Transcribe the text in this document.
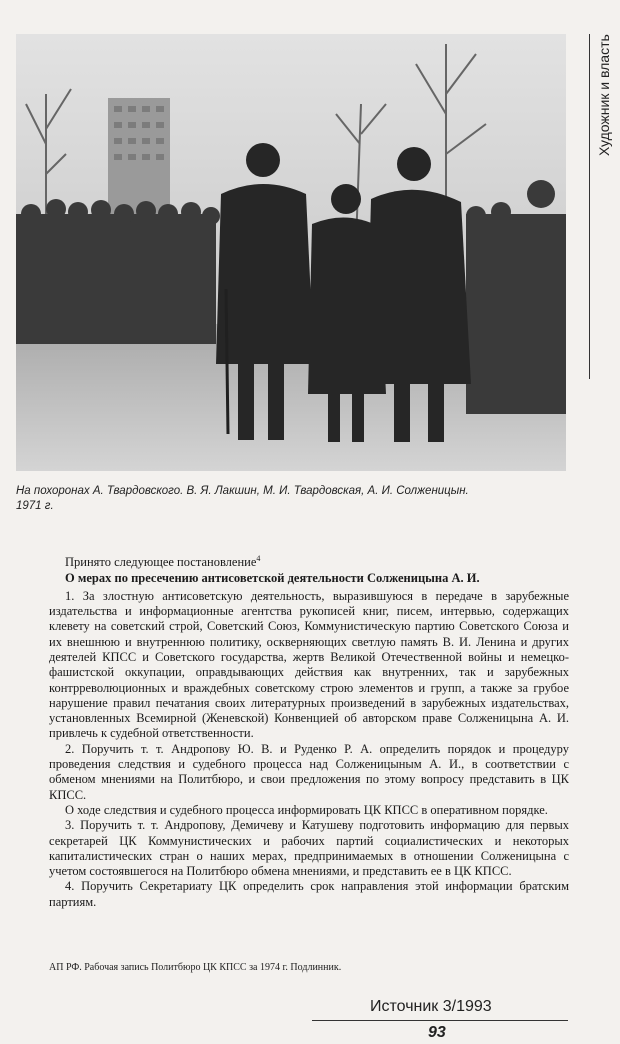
Художник и власть
На похоронах А. Твардовского. В. Я. Лакшин, М. И. Твардовская, А. И. Солженицын.
1971 г.

Принято следующее постановление$^4$

О мерах по пресечению антисоветской деятельности Солженицына А. И.

1. За злостную антисоветскую деятельность, выразившуюся в передаче в зарубежные издательства и информационные агентства рукописей книг, писем, интервью, содержащих клевету на советский строй, Советский Союз, Коммунистическую партию Советского Союза и их внешнюю и внутреннюю политику, оскверняющих светлую память В. И. Ленина и других деятелей КПСС и Советского государства, жертв Великой Отечественной войны и немецко-фашистской оккупации, оправдывающих действия как внутренних, так и зарубежных контрреволюционных и враждебных советскому строю элементов и групп, а также за грубое нарушение правил печатания своих литературных произведений в зарубежных издательствах, установленных Всемирной (Женевской) Конвенцией об авторском праве Солженицына А. И. привлечь к судебной ответственности.

2. Поручить т. т. Андропову Ю. В. и Руденко Р. А. определить порядок и процедуру проведения следствия и судебного процесса над Солженицыным А. И., в соответствии с обменом мнениями на Политбюро, и свои предложения по этому вопросу представить в ЦК КПСС.

О ходе следствия и судебного процесса информировать ЦК КПСС в оперативном порядке.

3. Поручить т. т. Андропову, Демичеву и Катушеву подготовить информацию для первых секретарей ЦК Коммунистических и рабочих партий социалистических и некоторых капиталистических стран о наших мерах, предпринимаемых в отношении Солженицына с учетом состоявшегося на Политбюро обмена мнениями, и представить ее в ЦК КПСС.

4. Поручить Секретариату ЦК определить срок направления этой информации братским партиям.

АП РФ. Рабочая запись Политбюро ЦК КПСС за 1974 г. Подлинник.
Источник 3/1993
93
